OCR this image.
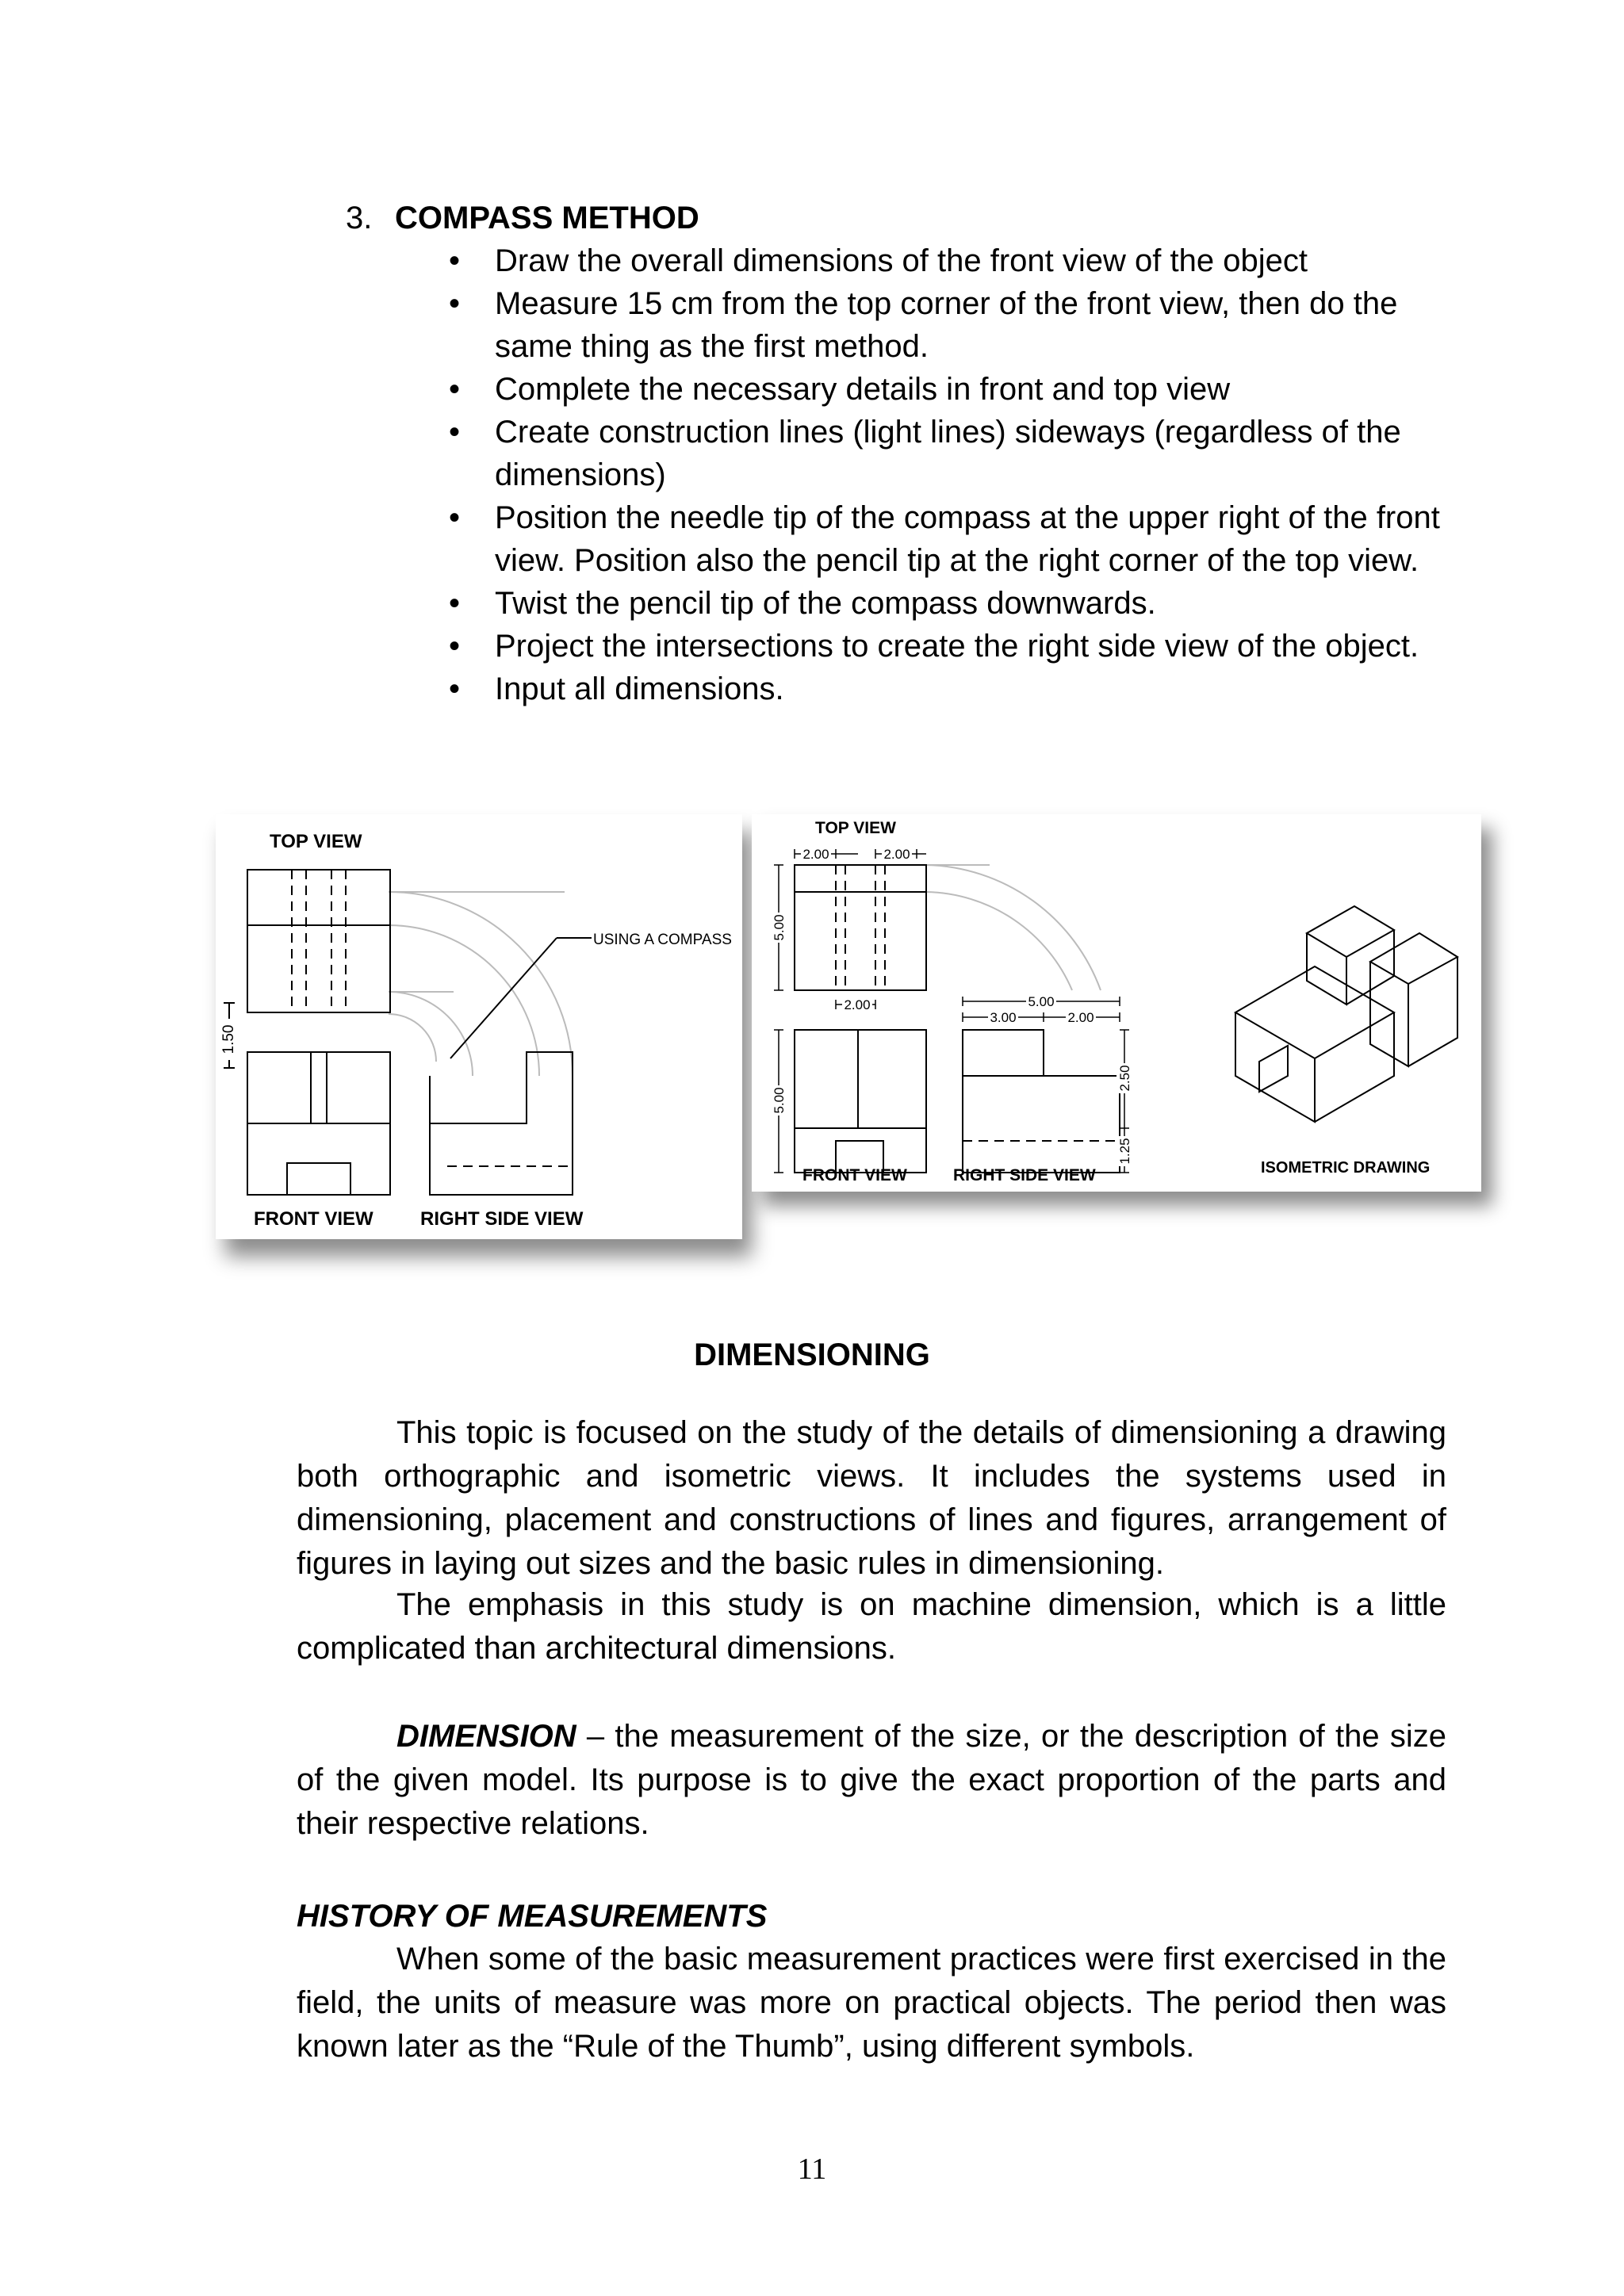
3. COMPASS METHOD
• Draw the overall dimensions of the front view of the object
• Measure 15 cm from the top corner of the front view, then do the same thing as the first method.
• Complete the necessary details in front and top view
• Create construction lines (light lines) sideways (regardless of the dimensions)
• Position the needle tip of the compass at the upper right of the front view. Position also the pencil tip at the right corner of the top view.
• Twist the pencil tip of the compass downwards.
• Project the intersections to create the right side view of the object.
• Input all dimensions.
1.50
TOP VIEW
USING A COMPASS
FRONT VIEW RIGHT SIDE VIEW
2.00	2.00
2.00	5.00
3.00	2.00
5.00
5.00
2.50
1.25
TOP VIEW
FRONT VIEW	RIGHT SIDE VIEW	ISOMETRIC DRAWING
DIMENSIONING

This topic is focused on the study of the details of dimensioning a drawing both orthographic and isometric views. It includes the systems used in dimensioning, placement and constructions of lines and figures, arrangement of figures in laying out sizes and the basic rules in dimensioning.

The emphasis in this study is on machine dimension, which is a little complicated than architectural dimensions.

DIMENSION – the measurement of the size, or the description of the size of the given model. Its purpose is to give the exact proportion of the parts and their respective relations.

HISTORY OF MEASUREMENTS

When some of the basic measurement practices were first exercised in the field, the units of measure was more on practical objects. The period then was known later as the “Rule of the Thumb”, using different symbols.

11
